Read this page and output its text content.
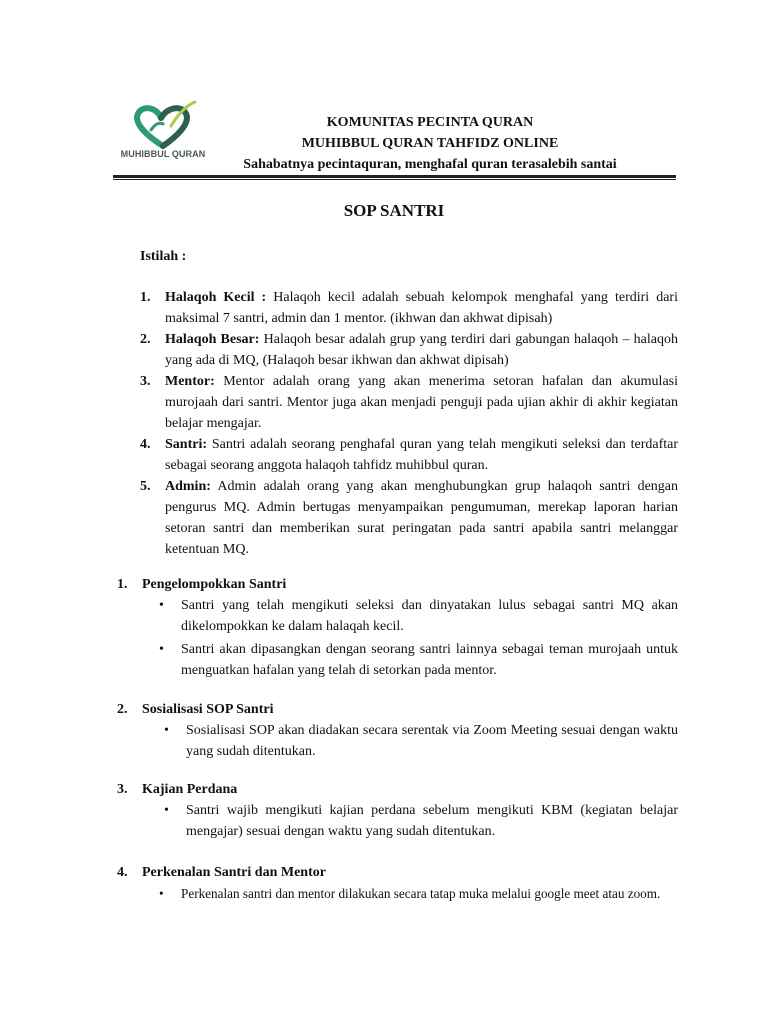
MUHIBBUL QURAN
KOMUNITAS PECINTA QURAN
MUHIBBUL QURAN TAHFIDZ ONLINE
Sahabatnya pecintaquran, menghafal quran terasalebih santai
SOP SANTRI
Istilah :
1. Halaqoh Kecil : Halaqoh kecil adalah sebuah kelompok menghafal yang terdiri dari maksimal 7 santri, admin dan 1 mentor. (ikhwan dan akhwat dipisah)
2. Halaqoh Besar: Halaqoh besar adalah grup yang terdiri dari gabungan halaqoh – halaqoh yang ada di MQ, (Halaqoh besar ikhwan dan akhwat dipisah)
3. Mentor: Mentor adalah orang yang akan menerima setoran hafalan dan akumulasi murojaah dari santri. Mentor juga akan menjadi penguji pada ujian akhir di akhir kegiatan belajar mengajar.
4. Santri: Santri adalah seorang penghafal quran yang telah mengikuti seleksi dan terdaftar sebagai seorang anggota halaqoh tahfidz muhibbul quran.
5. Admin: Admin adalah orang yang akan menghubungkan grup halaqoh santri dengan pengurus MQ. Admin bertugas menyampaikan pengumuman, merekap laporan harian setoran santri dan memberikan surat peringatan pada santri apabila santri melanggar ketentuan MQ.
1. Pengelompokkan Santri
• Santri yang telah mengikuti seleksi dan dinyatakan lulus sebagai santri MQ akan dikelompokkan ke dalam halaqah kecil.
• Santri akan dipasangkan dengan seorang santri lainnya sebagai teman murojaah untuk menguatkan hafalan yang telah di setorkan pada mentor.
2. Sosialisasi SOP Santri
• Sosialisasi SOP akan diadakan secara serentak via Zoom Meeting sesuai dengan waktu yang sudah ditentukan.
3. Kajian Perdana
• Santri wajib mengikuti kajian perdana sebelum mengikuti KBM (kegiatan belajar mengajar) sesuai dengan waktu yang sudah ditentukan.
4. Perkenalan Santri dan Mentor
• Perkenalan santri dan mentor dilakukan secara tatap muka melalui google meet atau zoom.
